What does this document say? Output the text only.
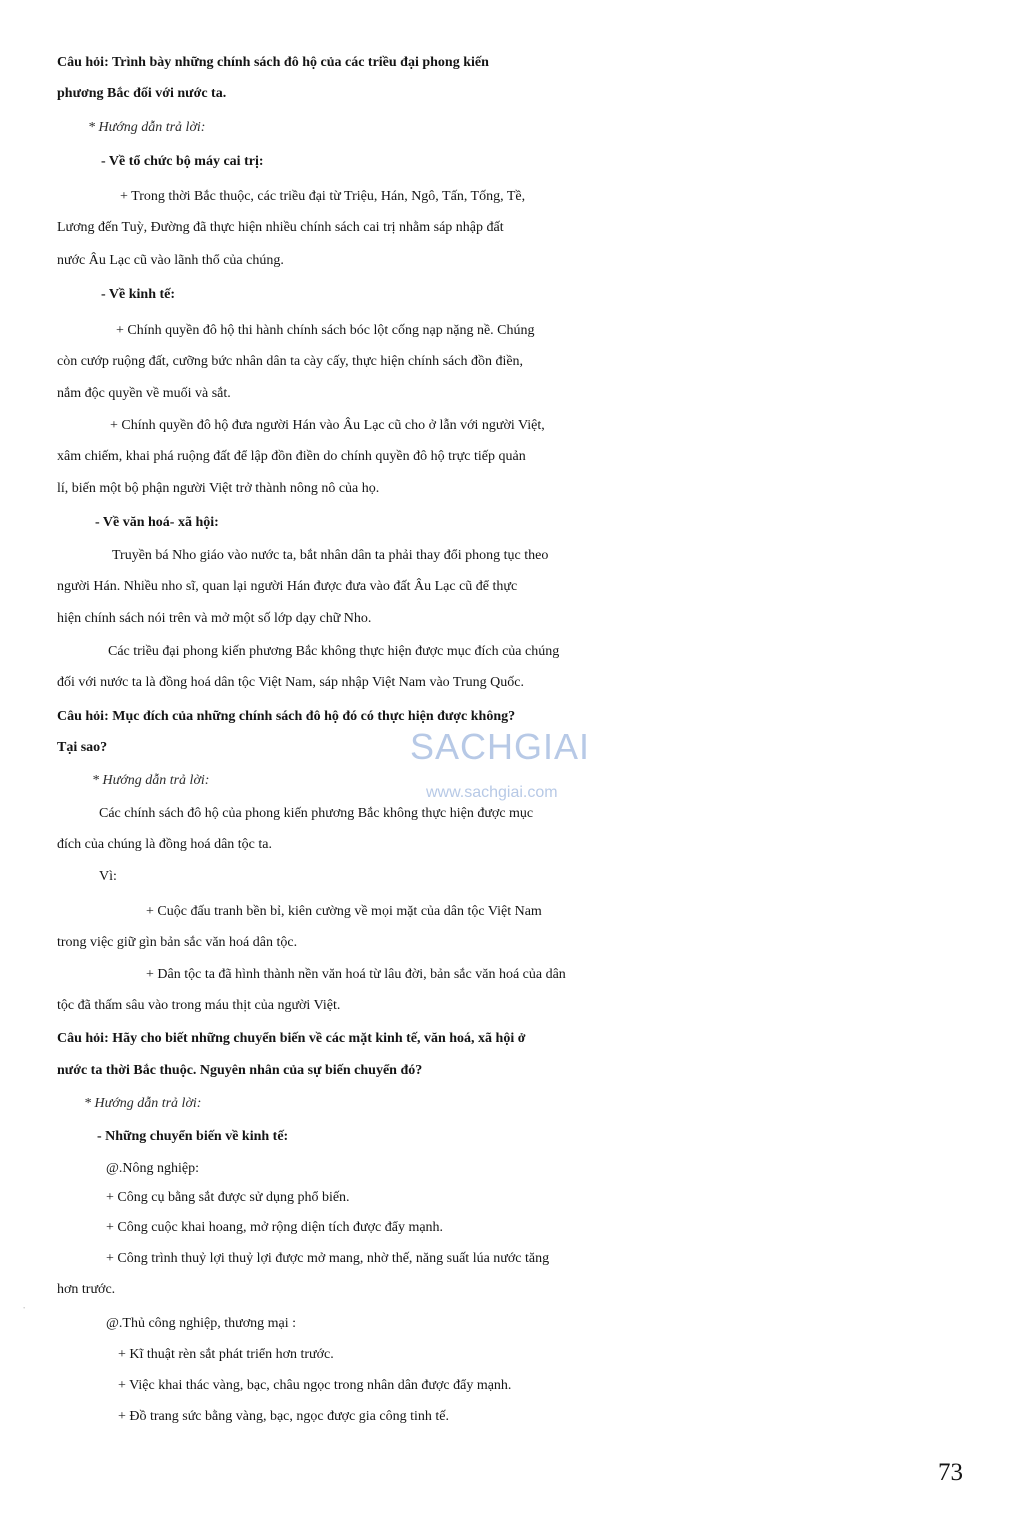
Câu hỏi: Trình bày những chính sách đô hộ của các triều đại phong kiến
phương Bắc đối với nước ta.
* Hướng dẫn trả lời:
- Về tổ chức bộ máy cai trị:
+ Trong thời Bắc thuộc, các triều đại từ Triệu, Hán, Ngô, Tấn, Tống, Tề,
Lương đến Tuỳ, Đường đã thực hiện nhiều chính sách cai trị nhằm sáp nhập đất
nước Âu Lạc cũ vào lãnh thổ của chúng.
- Về kinh tế:
+ Chính quyền đô hộ thi hành chính sách bóc lột cống nạp nặng nề. Chúng
còn cướp ruộng đất, cưỡng bức nhân dân ta cày cấy, thực hiện chính sách đồn điền,
nắm độc quyền về muối và sắt.
+ Chính quyền đô hộ đưa người Hán vào Âu Lạc cũ cho ở lẫn với người Việt,
xâm chiếm, khai phá ruộng đất để lập đồn điền do chính quyền đô hộ trực tiếp quản
lí, biến một bộ phận người Việt trở thành nông nô của họ.
- Về văn hoá- xã hội:
Truyền bá Nho giáo vào nước ta, bắt nhân dân ta phải thay đổi phong tục theo
người Hán. Nhiều nho sĩ, quan lại người Hán được đưa vào đất Âu Lạc cũ để thực
hiện chính sách nói trên và mở một số lớp dạy chữ Nho.
Các triều đại phong kiến phương Bắc không thực hiện được mục đích của chúng
đối với nước ta là đồng hoá dân tộc Việt Nam, sáp nhập Việt Nam vào Trung Quốc.
Câu hỏi: Mục đích của những chính sách đô hộ đó có thực hiện được không?
Tại sao?
* Hướng dẫn trả lời:
Các chính sách đô hộ của phong kiến phương Bắc không thực hiện được mục
đích của chúng là đồng hoá dân tộc ta.
Vì:
+ Cuộc đấu tranh bền bỉ, kiên cường về mọi mặt của dân tộc Việt Nam
trong việc giữ gìn bản sắc văn hoá dân tộc.
+ Dân tộc ta đã hình thành nền văn hoá từ lâu đời, bản sắc văn hoá của dân
tộc đã thấm sâu vào trong máu thịt của người Việt.
Câu hỏi: Hãy cho biết những chuyển biến về các mặt kinh tế, văn hoá, xã hội ở
nước ta thời Bắc thuộc. Nguyên nhân của sự biến chuyển đó?
* Hướng dẫn trả lời:
- Những chuyển biến về kinh tế:
@.Nông nghiệp:
+ Công cụ bằng sắt được sử dụng phổ biến.
+ Công cuộc khai hoang, mở rộng diện tích được đẩy mạnh.
+ Công trình thuỷ lợi thuỷ lợi được mở mang, nhờ thế, năng suất lúa nước tăng
hơn trước.
@.Thủ công nghiệp, thương mại :
+ Kĩ thuật rèn sắt phát triển hơn trước.
+ Việc khai thác vàng, bạc, châu ngọc trong nhân dân được đẩy mạnh.
+ Đồ trang sức bằng vàng, bạc, ngọc được gia công tinh tế.
SACHGIAI
www.sachgiai.com
73
·
